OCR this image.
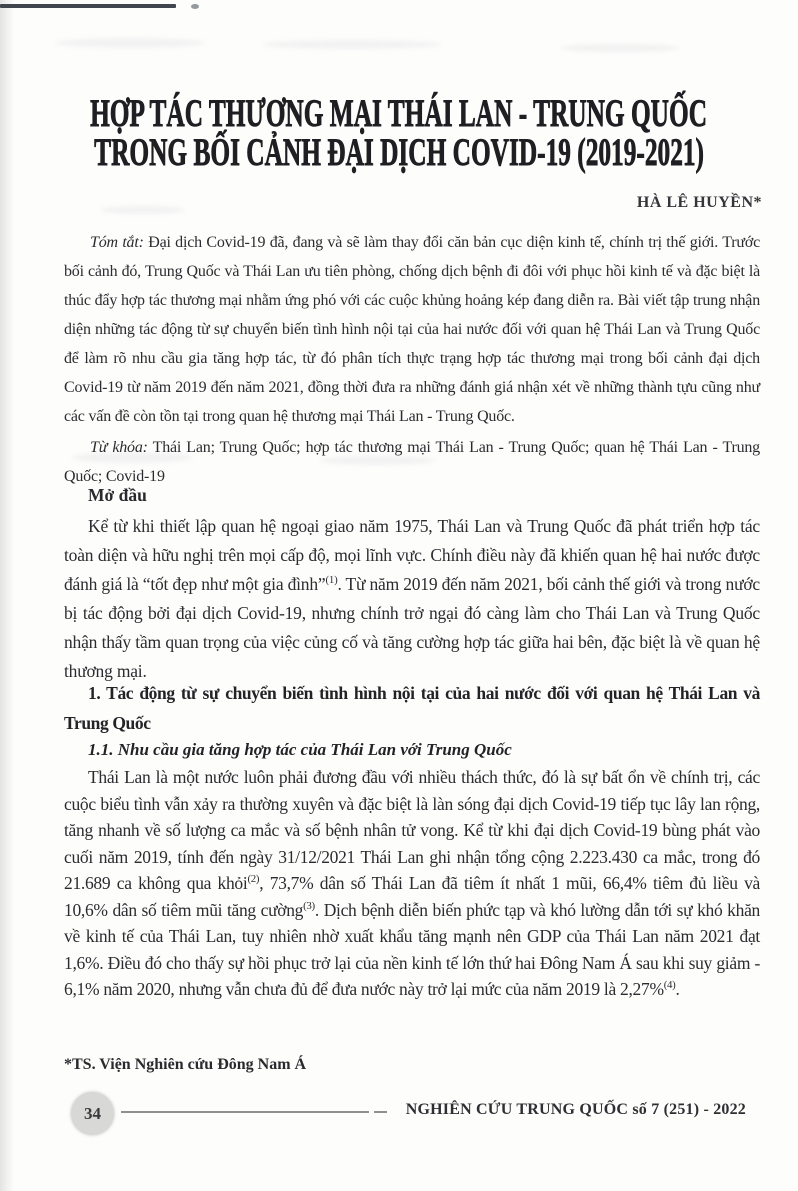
HỢP TÁC THƯƠNG MẠI THÁI LAN - TRUNG QUỐC
TRONG BỐI CẢNH ĐẠI DỊCH COVID-19 (2019-2021)
HÀ LÊ HUYỀN*

Tóm tắt: Đại dịch Covid-19 đã, đang và sẽ làm thay đổi căn bản cục diện kinh tế, chính trị thế giới. Trước bối cảnh đó, Trung Quốc và Thái Lan ưu tiên phòng, chống dịch bệnh đi đôi với phục hồi kinh tế và đặc biệt là thúc đẩy hợp tác thương mại nhằm ứng phó với các cuộc khủng hoảng kép đang diễn ra. Bài viết tập trung nhận diện những tác động từ sự chuyển biến tình hình nội tại của hai nước đối với quan hệ Thái Lan và Trung Quốc để làm rõ nhu cầu gia tăng hợp tác, từ đó phân tích thực trạng hợp tác thương mại trong bối cảnh đại dịch Covid-19 từ năm 2019 đến năm 2021, đồng thời đưa ra những đánh giá nhận xét về những thành tựu cũng như các vấn đề còn tồn tại trong quan hệ thương mại Thái Lan - Trung Quốc.

Từ khóa: Thái Lan; Trung Quốc; hợp tác thương mại Thái Lan - Trung Quốc; quan hệ Thái Lan - Trung Quốc; Covid-19

Mở đầu

Kể từ khi thiết lập quan hệ ngoại giao năm 1975, Thái Lan và Trung Quốc đã phát triển hợp tác toàn diện và hữu nghị trên mọi cấp độ, mọi lĩnh vực. Chính điều này đã khiến quan hệ hai nước được đánh giá là “tốt đẹp như một gia đình”$^{(1)}$. Từ năm 2019 đến năm 2021, bối cảnh thế giới và trong nước bị tác động bởi đại dịch Covid-19, nhưng chính trở ngại đó càng làm cho Thái Lan và Trung Quốc nhận thấy tầm quan trọng của việc củng cố và tăng cường hợp tác giữa hai bên, đặc biệt là về quan hệ thương mại.

1. Tác động từ sự chuyển biến tình hình nội tại của hai nước đối với quan hệ Thái Lan và Trung Quốc
1.1. Nhu cầu gia tăng hợp tác của Thái Lan với Trung Quốc

Thái Lan là một nước luôn phải đương đầu với nhiều thách thức, đó là sự bất ổn về chính trị, các cuộc biểu tình vẫn xảy ra thường xuyên và đặc biệt là làn sóng đại dịch Covid-19 tiếp tục lây lan rộng, tăng nhanh về số lượng ca mắc và số bệnh nhân tử vong. Kể từ khi đại dịch Covid-19 bùng phát vào cuối năm 2019, tính đến ngày 31/12/2021 Thái Lan ghi nhận tổng cộng 2.223.430 ca mắc, trong đó 21.689 ca không qua khỏi$^{(2)}$, 73,7% dân số Thái Lan đã tiêm ít nhất 1 mũi, 66,4% tiêm đủ liều và 10,6% dân số tiêm mũi tăng cường$^{(3)}$. Dịch bệnh diễn biến phức tạp và khó lường dẫn tới sự khó khăn về kinh tế của Thái Lan, tuy nhiên nhờ xuất khẩu tăng mạnh nên GDP của Thái Lan năm 2021 đạt 1,6%. Điều đó cho thấy sự hồi phục trở lại của nền kinh tế lớn thứ hai Đông Nam Á sau khi suy giảm - 6,1% năm 2020, nhưng vẫn chưa đủ để đưa nước này trở lại mức của năm 2019 là 2,27%$^{(4)}$.

*TS. Viện Nghiên cứu Đông Nam Á
34	NGHIÊN CỨU TRUNG QUỐC số 7 (251) - 2022
